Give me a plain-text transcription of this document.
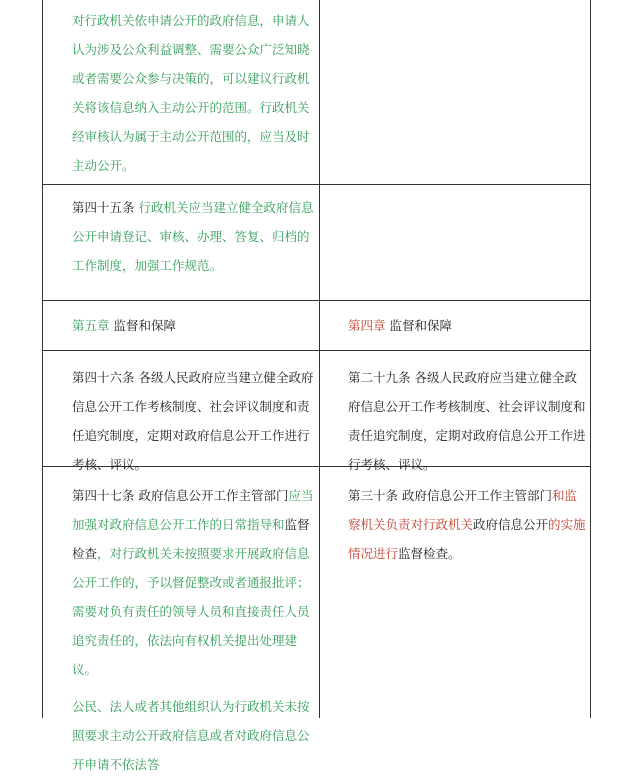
对行政机关依申请公开的政府信息，申请人认为涉及公众利益调整、需要公众广泛知晓或者需要公众参与决策的，可以建议行政机关将该信息纳入主动公开的范围。行政机关经审核认为属于主动公开范围的，应当及时主动公开。
第四十五条 行政机关应当建立健全政府信息公开申请登记、审核、办理、答复、归档的工作制度，加强工作规范。
第五章 监督和保障	第四章 监督和保障
第四十六条 各级人民政府应当建立健全政府信息公开工作考核制度、社会评议制度和责任追究制度，定期对政府信息公开工作进行考核、评议。
第二十九条 各级人民政府应当建立健全政府信息公开工作考核制度、社会评议制度和责任追究制度，定期对政府信息公开工作进行考核、评议。
第四十七条 政府信息公开工作主管部门应当加强对政府信息公开工作的日常指导和监督检查，对行政机关未按照要求开展政府信息公开工作的，予以督促整改或者通报批评；需要对负有责任的领导人员和直接责任人员追究责任的，依法向有权机关提出处理建议。
公民、法人或者其他组织认为行政机关未按照要求主动公开政府信息或者对政府信息公开申请不依法答
第三十条 政府信息公开工作主管部门和监察机关负责对行政机关政府信息公开的实施情况进行监督检查。
